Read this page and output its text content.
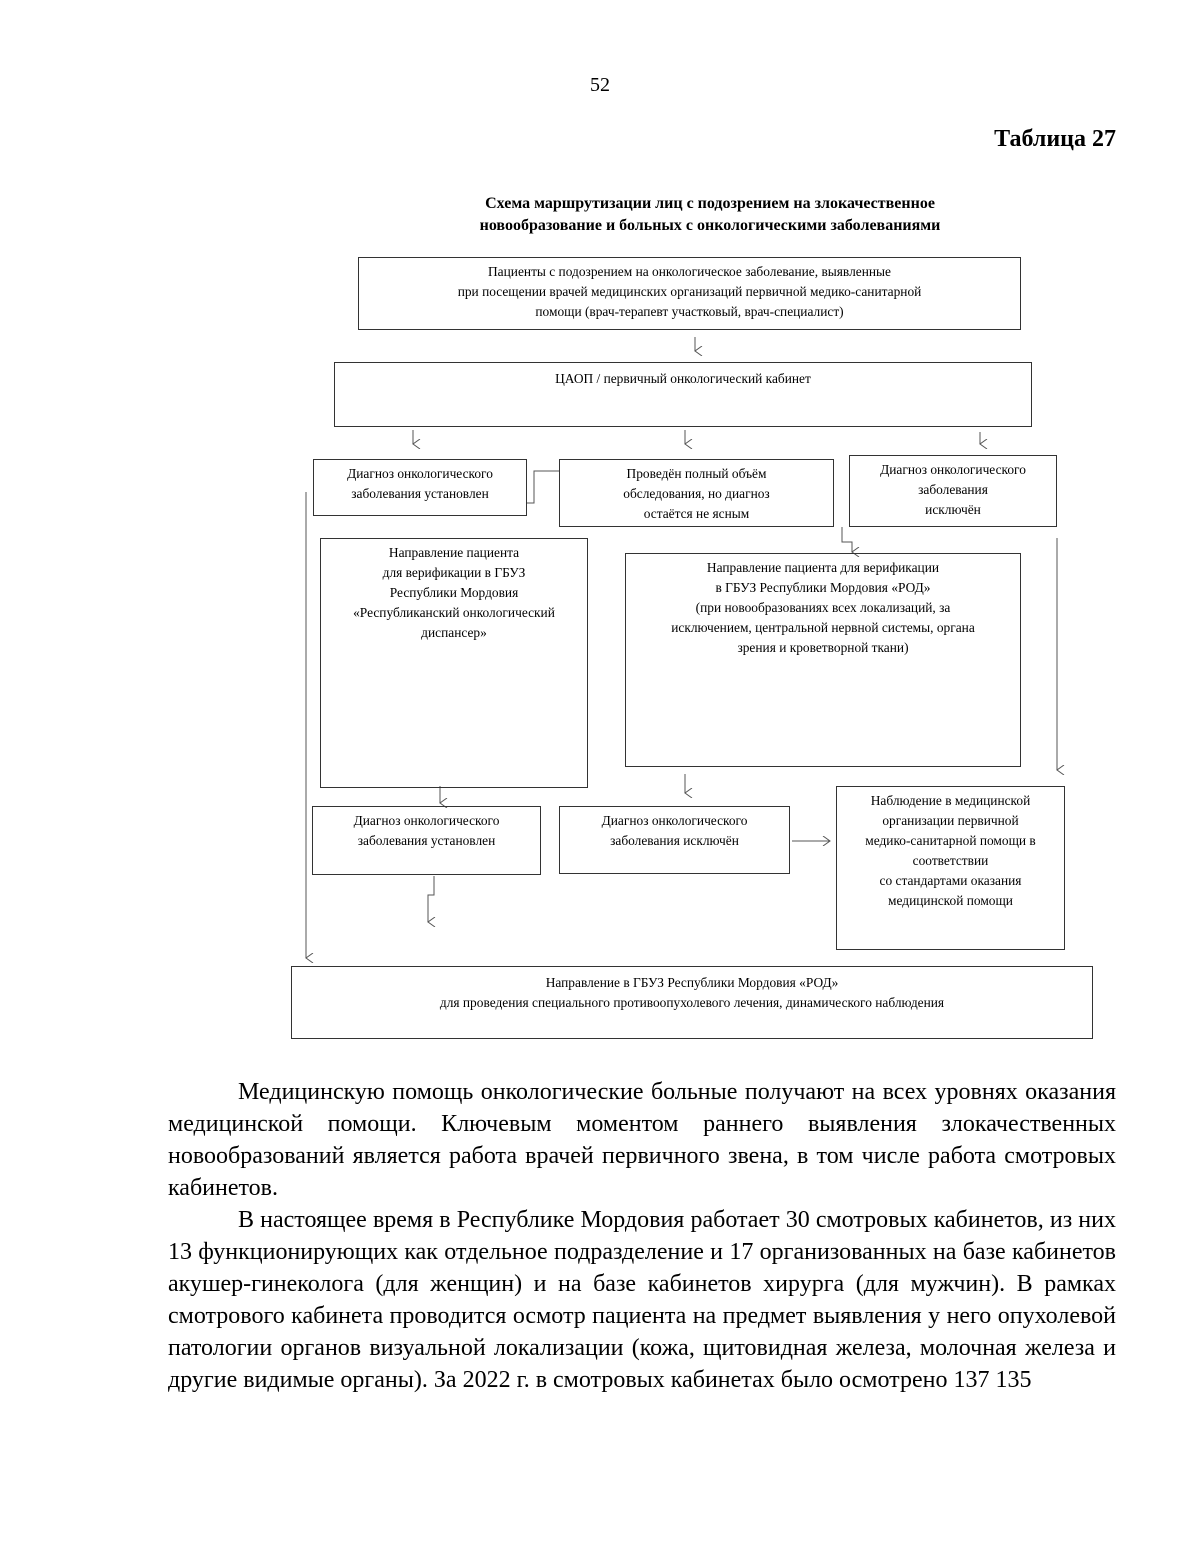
52
Таблица 27
Схема маршрутизации лиц с подозрением на злокачественное
новообразование и больных с онкологическими заболеваниями
Пациенты с подозрением на онкологическое заболевание, выявленные
при посещении врачей медицинских организаций первичной медико-санитарной
помощи (врач-терапевт участковый, врач-специалист)
ЦАОП / первичный онкологический кабинет
Диагноз онкологического
заболевания установлен
Проведён полный объём
обследования, но диагноз
остаётся не ясным
Диагноз онкологического
заболевания
исключён
Направление пациента
для верификации в ГБУЗ
Республики Мордовия
«Республиканский онкологический
диспансер»
Направление пациента для верификации
в ГБУЗ Республики Мордовия «РОД»
(при новообразованиях всех локализаций, за
исключением, центральной нервной системы, органа
зрения и кроветворной ткани)
Диагноз онкологического
заболевания установлен
Диагноз онкологического
заболевания исключён
Наблюдение в медицинской
организации первичной
медико-санитарной помощи в
соответствии
со стандартами оказания
медицинской помощи
Направление в ГБУЗ Республики Мордовия «РОД»
для проведения специального противоопухолевого лечения, динамического наблюдения

Медицинскую помощь онкологические больные получают на всех уровнях оказания медицинской помощи. Ключевым моментом раннего выявления злокачественных новообразований является работа врачей первичного звена, в том числе работа смотровых кабинетов.

В настоящее время в Республике Мордовия работает 30 смотровых кабинетов, из них 13 функционирующих как отдельное подразделение и 17 организованных на базе кабинетов акушер-гинеколога (для женщин) и на базе кабинетов хирурга (для мужчин). В рамках смотрового кабинета проводится осмотр пациента на предмет выявления у него опухолевой патологии органов визуальной локализации (кожа, щитовидная железа, молочная железа и другие видимые органы). За 2022 г. в смотровых кабинетах было осмотрено 137 135
